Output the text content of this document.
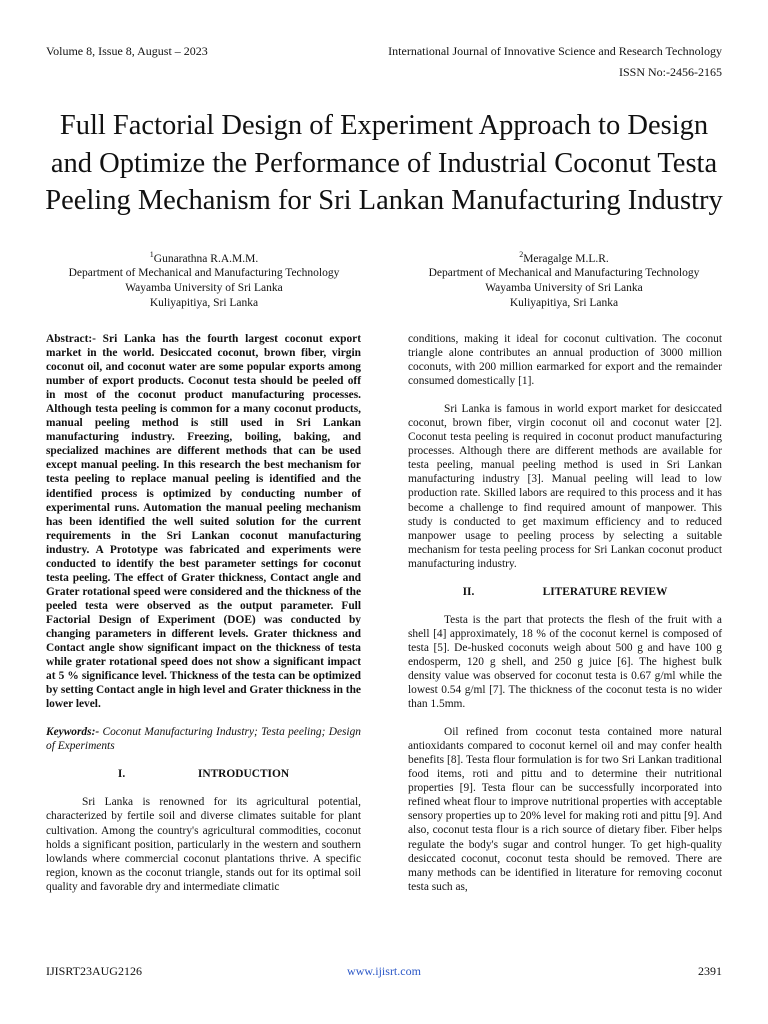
Volume 8, Issue 8, August – 2023	International Journal of Innovative Science and Research Technology
ISSN No:-2456-2165
Full Factorial Design of Experiment Approach to Design and Optimize the Performance of Industrial Coconut Testa Peeling Mechanism for Sri Lankan Manufacturing Industry
$^1$Gunarathna R.A.M.M.
Department of Mechanical and Manufacturing Technology
Wayamba University of Sri Lanka
Kuliyapitiya, Sri Lanka
$^2$Meragalge M.L.R.
Department of Mechanical and Manufacturing Technology
Wayamba University of Sri Lanka
Kuliyapitiya, Sri Lanka

Abstract:- Sri Lanka has the fourth largest coconut export market in the world. Desiccated coconut, brown fiber, virgin coconut oil, and coconut water are some popular exports among number of export products. Coconut testa should be peeled off in most of the coconut product manufacturing processes. Although testa peeling is common for a many coconut products, manual peeling method is still used in Sri Lankan manufacturing industry. Freezing, boiling, baking, and specialized machines are different methods that can be used except manual peeling. In this research the best mechanism for testa peeling to replace manual peeling is identified and the identified process is optimized by conducting number of experimental runs. Automation the manual peeling mechanism has been identified the well suited solution for the current requirements in the Sri Lankan coconut manufacturing industry. A Prototype was fabricated and experiments were conducted to identify the best parameter settings for coconut testa peeling. The effect of Grater thickness, Contact angle and Grater rotational speed were considered and the thickness of the peeled testa were observed as the output parameter. Full Factorial Design of Experiment (DOE) was conducted by changing parameters in different levels. Grater thickness and Contact angle show significant impact on the thickness of testa while grater rotational speed does not show a significant impact at 5 % significance level. Thickness of the testa can be optimized by setting Contact angle in high level and Grater thickness in the lower level.

Keywords:- Coconut Manufacturing Industry; Testa peeling; Design of Experiments

I.	INTRODUCTION

Sri Lanka is renowned for its agricultural potential, characterized by fertile soil and diverse climates suitable for plant cultivation. Among the country's agricultural commodities, coconut holds a significant position, particularly in the western and southern lowlands where commercial coconut plantations thrive. A specific region, known as the coconut triangle, stands out for its optimal soil quality and favorable dry and intermediate climatic

conditions, making it ideal for coconut cultivation. The coconut triangle alone contributes an annual production of 3000 million coconuts, with 200 million earmarked for export and the remainder consumed domestically [1].

Sri Lanka is famous in world export market for desiccated coconut, brown fiber, virgin coconut oil and coconut water [2]. Coconut testa peeling is required in coconut product manufacturing processes. Although there are different methods are available for testa peeling, manual peeling method is used in Sri Lankan manufacturing industry [3]. Manual peeling will lead to low production rate. Skilled labors are required to this process and it has become a challenge to find required amount of manpower. This study is conducted to get maximum efficiency and to reduced manpower usage to peeling process by selecting a suitable mechanism for testa peeling process for Sri Lankan coconut product manufacturing industry.

II.	LITERATURE REVIEW

Testa is the part that protects the flesh of the fruit with a shell [4] approximately, 18 % of the coconut kernel is composed of testa [5]. De-husked coconuts weigh about 500 g and have 100 g endosperm, 120 g shell, and 250 g juice [6]. The highest bulk density value was observed for coconut testa is 0.67 g/ml while the lowest 0.54 g/ml [7]. The thickness of the coconut testa is no wider than 1.5mm.

Oil refined from coconut testa contained more natural antioxidants compared to coconut kernel oil and may confer health benefits [8]. Testa flour formulation is for two Sri Lankan traditional food items, roti and pittu and to determine their nutritional properties [9]. Testa flour can be successfully incorporated into refined wheat flour to improve nutritional properties with acceptable sensory properties up to 20% level for making roti and pittu [9]. And also, coconut testa flour is a rich source of dietary fiber. Fiber helps regulate the body's sugar and control hunger. To get high-quality desiccated coconut, coconut testa should be removed. There are many methods can be identified in literature for removing coconut testa such as,

IJISRT23AUG2126	www.ijisrt.com	2391
